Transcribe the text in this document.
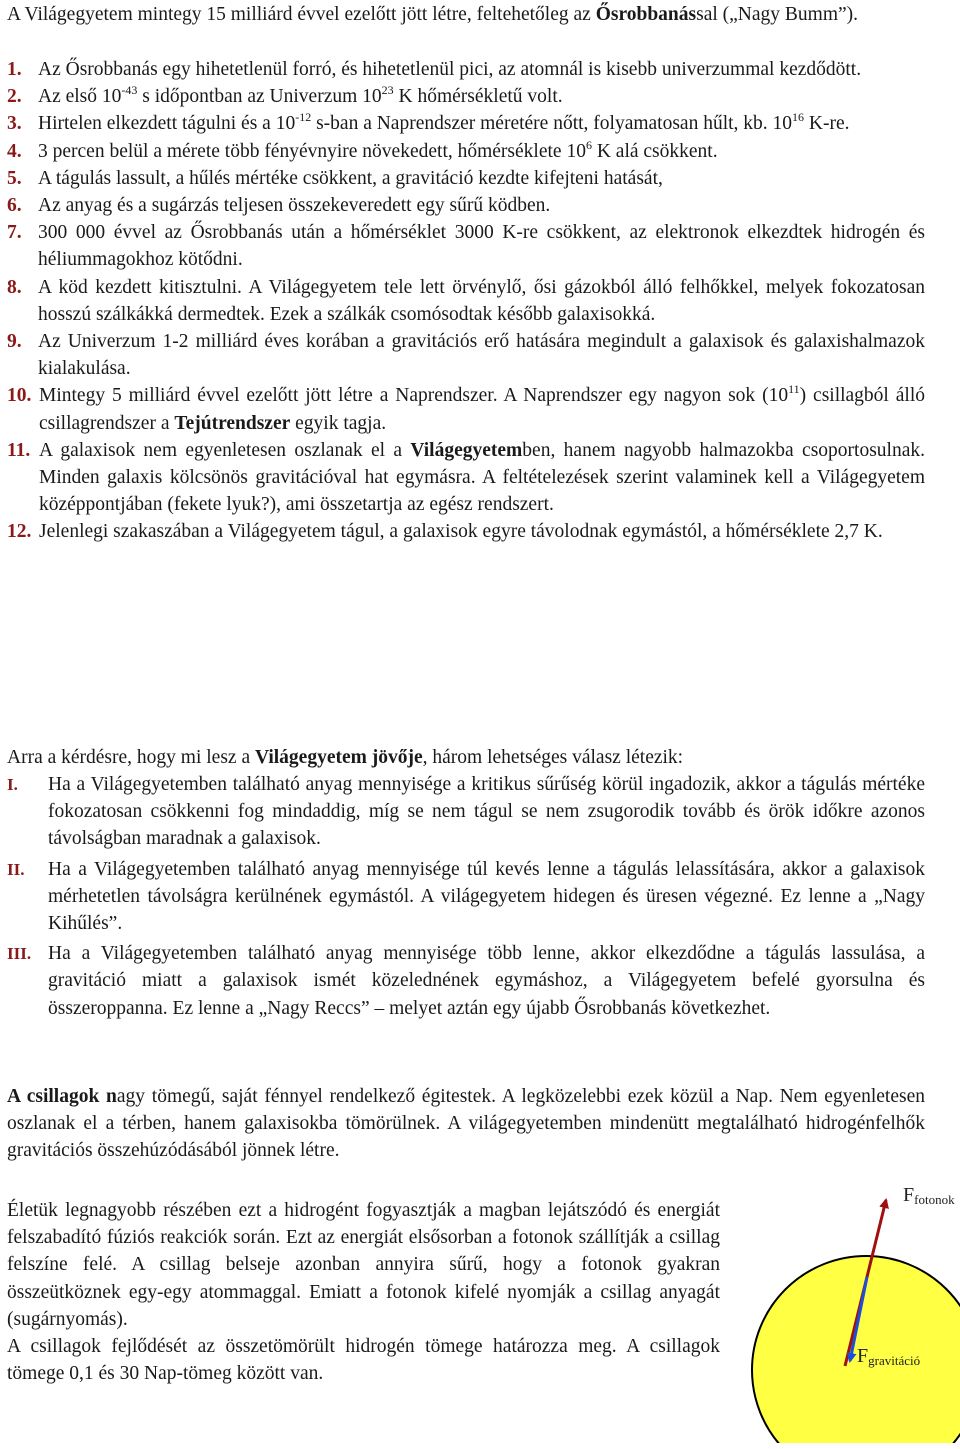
A Világegyetem mintegy 15 milliárd évvel ezelőtt jött létre, feltehetőleg az Ősrobbanással („Nagy Bumm”).

1. Az Ősrobbanás egy hihetetlenül forró, és hihetetlenül pici, az atomnál is kisebb univerzummal kezdődött.

2. Az első $10^{-43}$ s időpontban az Univerzum $10^{23}$ K hőmérsékletű volt.

3. Hirtelen elkezdett tágulni és a $10^{-12}$ s-ban a Naprendszer méretére nőtt, folyamatosan hűlt, kb. $10^{16}$ K-re.

4. 3 percen belül a mérete több fényévnyire növekedett, hőmérséklete $10^6$ K alá csökkent.

5. A tágulás lassult, a hűlés mértéke csökkent, a gravitáció kezdte kifejteni hatását,

6. Az anyag és a sugárzás teljesen összekeveredett egy sűrű ködben.

7. 300 000 évvel az Ősrobbanás után a hőmérséklet 3000 K-re csökkent, az elektronok elkezdtek hidrogén és héliummagokhoz kötődni.

8. A köd kezdett kitisztulni. A Világegyetem tele lett örvénylő, ősi gázokból álló felhőkkel, melyek fokozatosan hosszú szálkákká dermedtek. Ezek a szálkák csomósodtak később galaxisokká.

9. Az Univerzum 1-2 milliárd éves korában a gravitációs erő hatására megindult a galaxisok és galaxishalmazok kialakulása.

10. Mintegy 5 milliárd évvel ezelőtt jött létre a Naprendszer. A Naprendszer egy nagyon sok $(10^{11})$ csillagból álló csillagrendszer a Tejútrendszer egyik tagja.

11. A galaxisok nem egyenletesen oszlanak el a Világegyetemben, hanem nagyobb halmazokba csoportosulnak. Minden galaxis kölcsönös gravitációval hat egymásra. A feltételezések szerint valaminek kell a Világegyetem középpontjában (fekete lyuk?), ami összetartja az egész rendszert.

12. Jelenlegi szakaszában a Világegyetem tágul, a galaxisok egyre távolodnak egymástól, a hőmérséklete 2,7 K.

Arra a kérdésre, hogy mi lesz a Világegyetem jövője, három lehetséges válasz létezik:

I. Ha a Világegyetemben található anyag mennyisége a kritikus sűrűség körül ingadozik, akkor a tágulás mértéke fokozatosan csökkenni fog mindaddig, míg se nem tágul se nem zsugorodik tovább és örök időkre azonos távolságban maradnak a galaxisok.

II. Ha a Világegyetemben található anyag mennyisége túl kevés lenne a tágulás lelassítására, akkor a galaxisok mérhetetlen távolságra kerülnének egymástól. A világegyetem hidegen és üresen végezné. Ez lenne a „Nagy Kihűlés”.

III. Ha a Világegyetemben található anyag mennyisége több lenne, akkor elkezdődne a tágulás lassulása, a gravitáció miatt a galaxisok ismét közelednének egymáshoz, a Világegyetem befelé gyorsulna és összeroppanna. Ez lenne a „Nagy Reccs” – melyet aztán egy újabb Ősrobbanás következhet.

A csillagok nagy tömegű, saját fénnyel rendelkező égitestek. A legközelebbi ezek közül a Nap. Nem egyenletesen oszlanak el a térben, hanem galaxisokba tömörülnek. A világegyetemben mindenütt megtalálható hidrogénfelhők gravitációs összehúzódásából jönnek létre.

Életük legnagyobb részében ezt a hidrogént fogyasztják a magban lejátszódó és energiát felszabadító fúziós reakciók során. Ezt az energiát elsősorban a fotonok szállítják a csillag felszíne felé. A csillag belseje azonban annyira sűrű, hogy a fotonok gyakran összeütköznek egy-egy atommaggal. Emiatt a fotonok kifelé nyomják a csillag anyagát (sugárnyomás).

A csillagok fejlődését az összetömörült hidrogén tömege határozza meg. A csillagok tömege 0,1 és 30 Nap-tömeg között van.

$F_{fotonok}$
$F_{gravitáció}$
